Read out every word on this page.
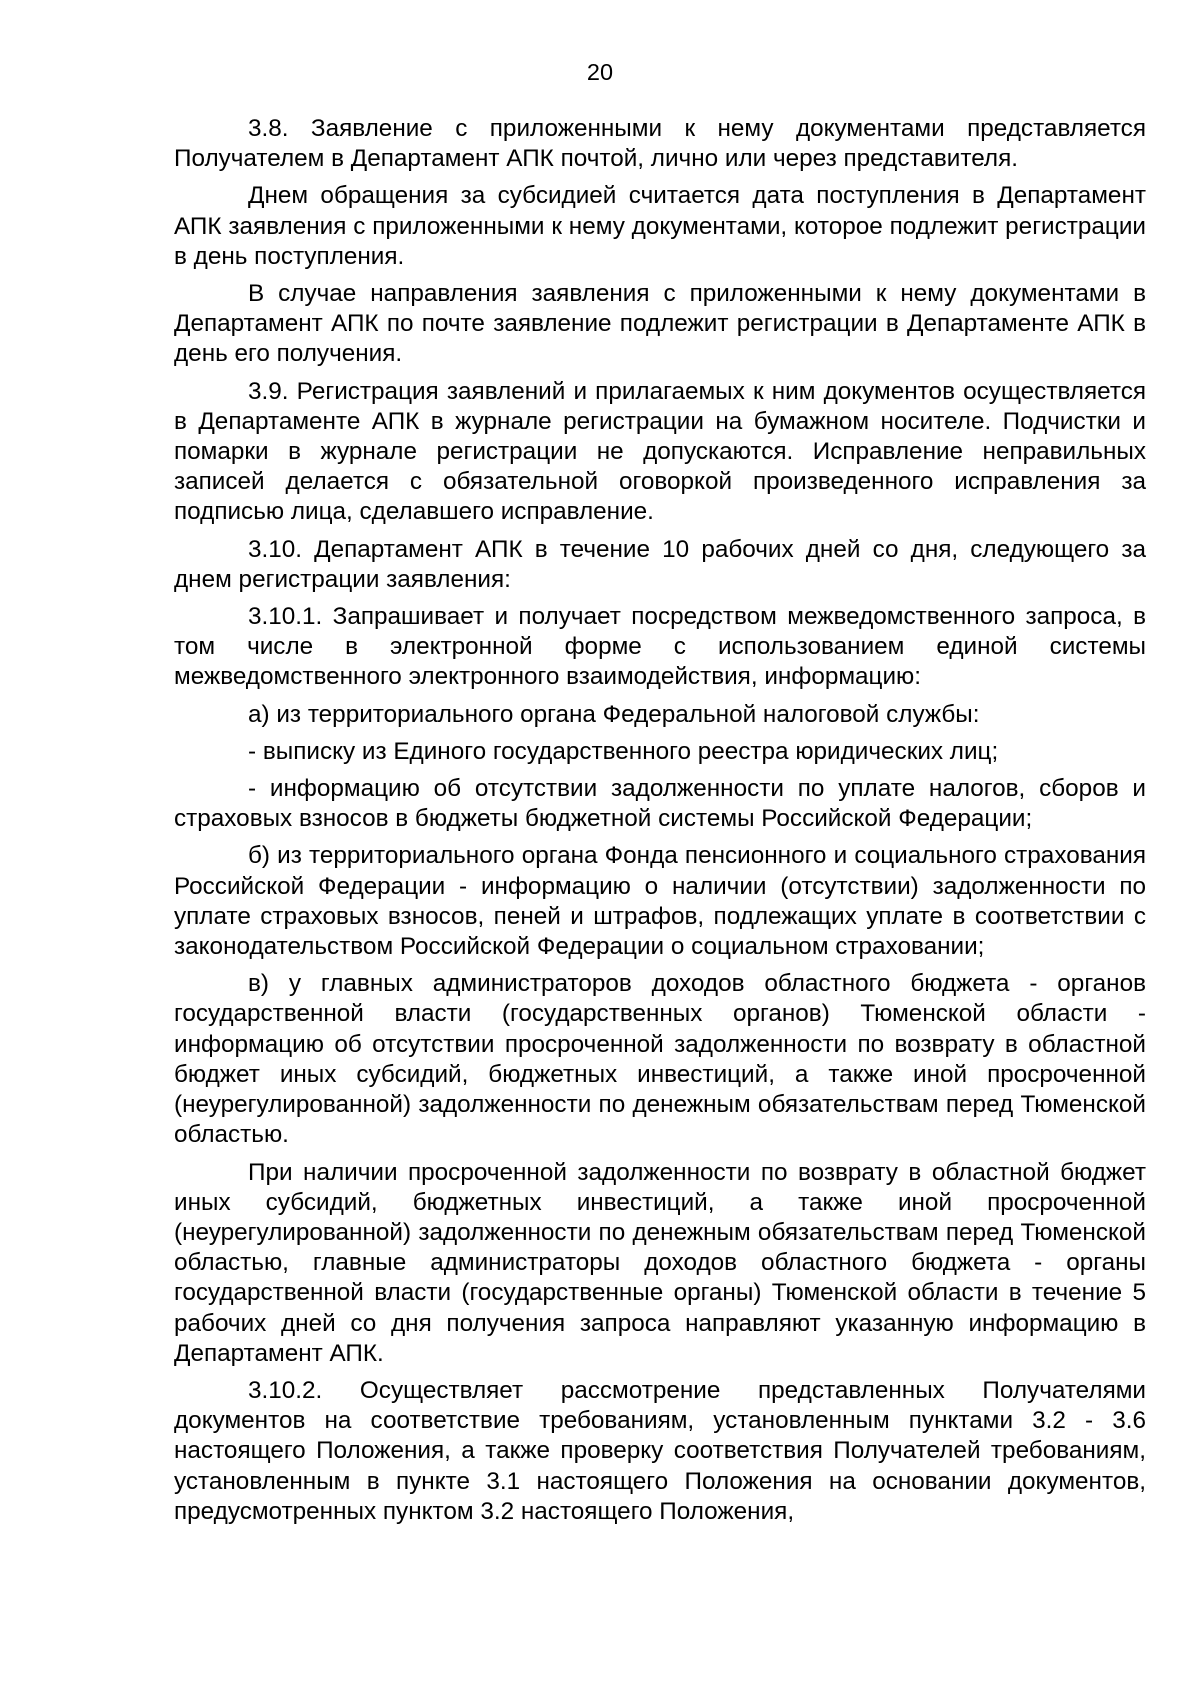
20

3.8. Заявление с приложенными к нему документами представляется Получателем в Департамент АПК почтой, лично или через представителя.

Днем обращения за субсидией считается дата поступления в Департамент АПК заявления с приложенными к нему документами, которое подлежит регистрации в день поступления.

В случае направления заявления с приложенными к нему документами в Департамент АПК по почте заявление подлежит регистрации в Департаменте АПК в день его получения.

3.9. Регистрация заявлений и прилагаемых к ним документов осуществляется в Департаменте АПК в журнале регистрации на бумажном носителе. Подчистки и помарки в журнале регистрации не допускаются. Исправление неправильных записей делается с обязательной оговоркой произведенного исправления за подписью лица, сделавшего исправление.

3.10. Департамент АПК в течение 10 рабочих дней со дня, следующего за днем регистрации заявления:

3.10.1. Запрашивает и получает посредством межведомственного запроса, в том числе в электронной форме с использованием единой системы межведомственного электронного взаимодействия, информацию:

а) из территориального органа Федеральной налоговой службы:

- выписку из Единого государственного реестра юридических лиц;

- информацию об отсутствии задолженности по уплате налогов, сборов и страховых взносов в бюджеты бюджетной системы Российской Федерации;

б) из территориального органа Фонда пенсионного и социального страхования Российской Федерации - информацию о наличии (отсутствии) задолженности по уплате страховых взносов, пеней и штрафов, подлежащих уплате в соответствии с законодательством Российской Федерации о социальном страховании;

в) у главных администраторов доходов областного бюджета - органов государственной власти (государственных органов) Тюменской области - информацию об отсутствии просроченной задолженности по возврату в областной бюджет иных субсидий, бюджетных инвестиций, а также иной просроченной (неурегулированной) задолженности по денежным обязательствам перед Тюменской областью.

При наличии просроченной задолженности по возврату в областной бюджет иных субсидий, бюджетных инвестиций, а также иной просроченной (неурегулированной) задолженности по денежным обязательствам перед Тюменской областью, главные администраторы доходов областного бюджета - органы государственной власти (государственные органы) Тюменской области в течение 5 рабочих дней со дня получения запроса направляют указанную информацию в Департамент АПК.

3.10.2. Осуществляет рассмотрение представленных Получателями документов на соответствие требованиям, установленным пунктами 3.2 - 3.6 настоящего Положения, а также проверку соответствия Получателей требованиям, установленным в пункте 3.1 настоящего Положения на основании документов, предусмотренных пунктом 3.2 настоящего Положения,
